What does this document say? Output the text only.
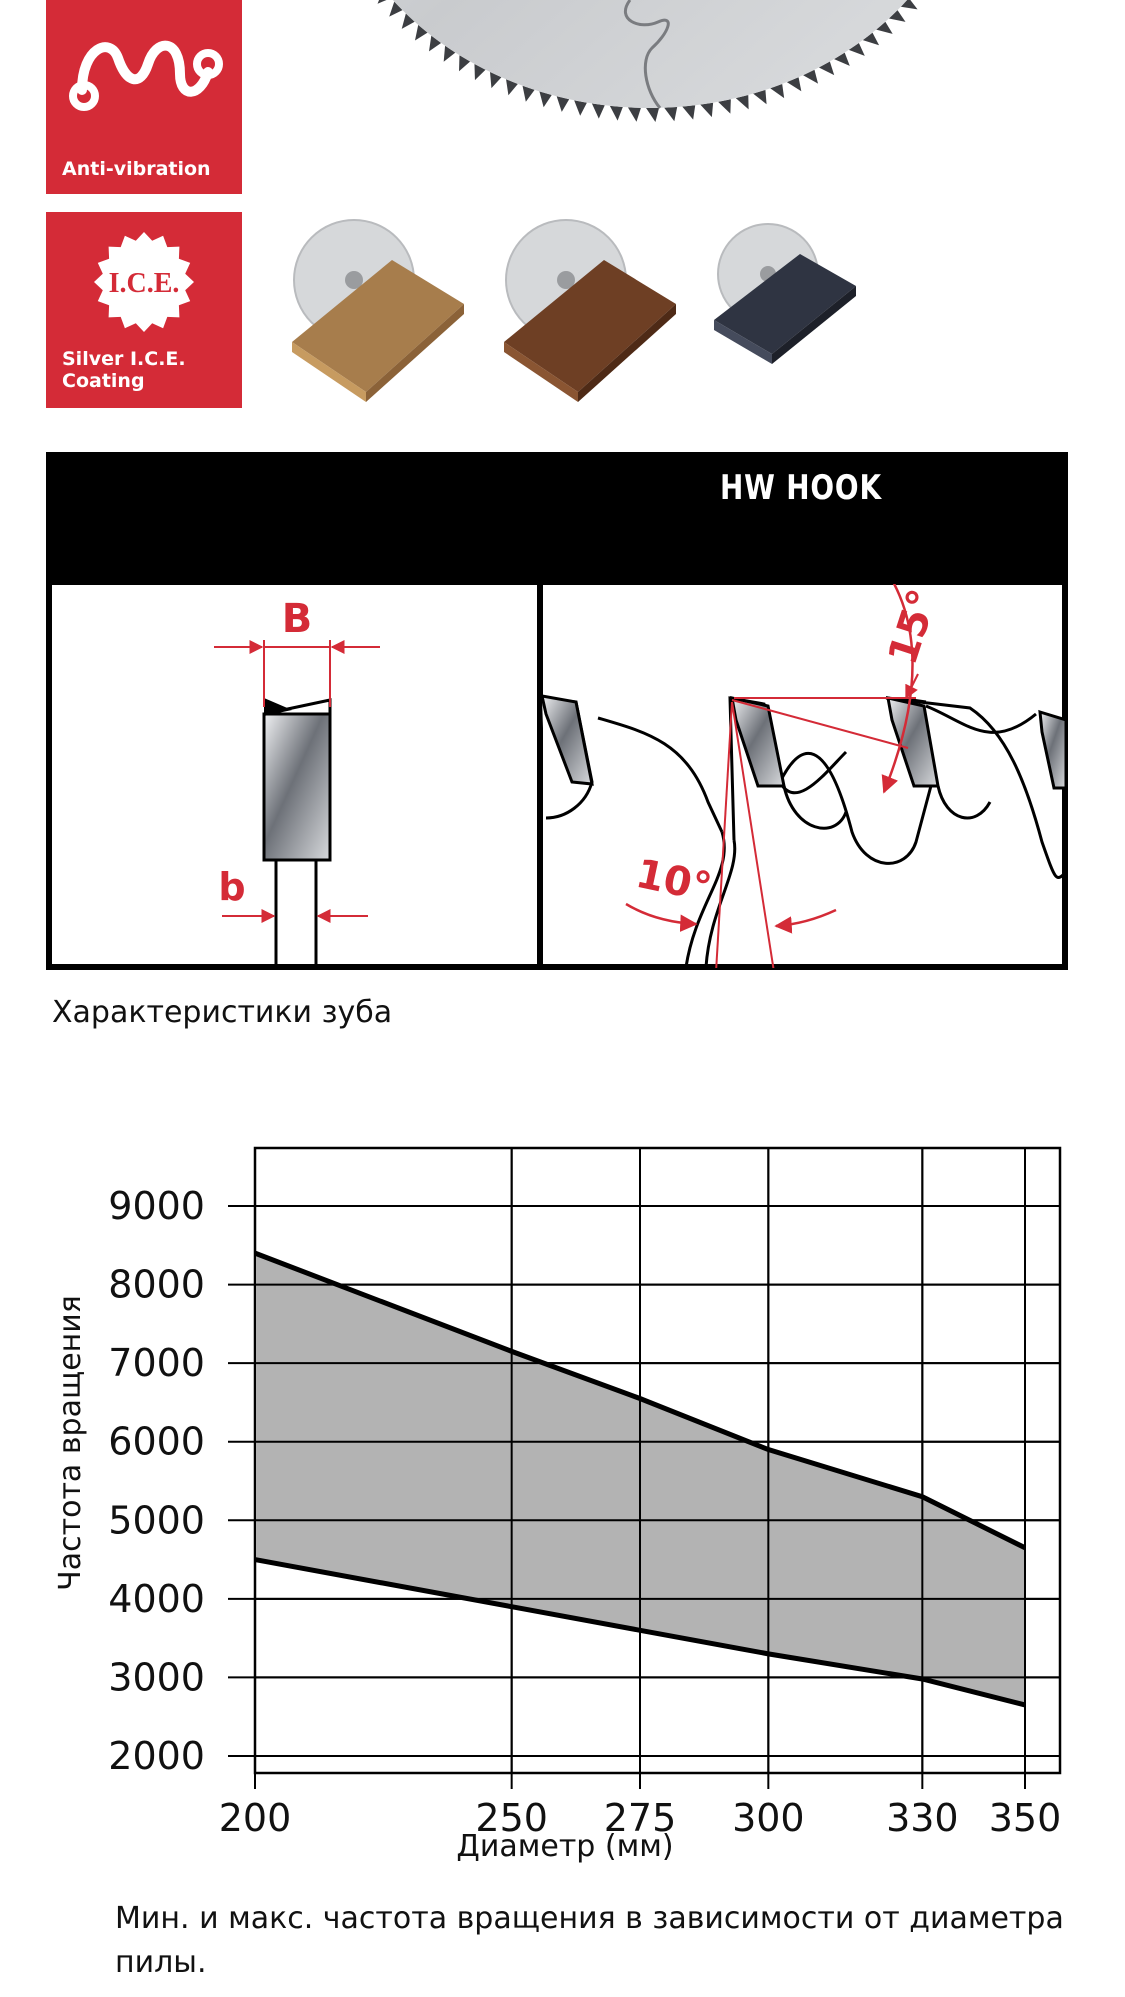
Anti-vibration
I.C.E.
Silver I.C.E.
Coating
B
b
15°
10°
HW HOOK
Характеристики зуба
9000
8000
7000
6000
5000
4000
3000
2000
200	250 275 300 330 350
Диаметр (мм)
Частота вращения
Мин. и макс. частота вращения в зависимости от диаметра пилы.
